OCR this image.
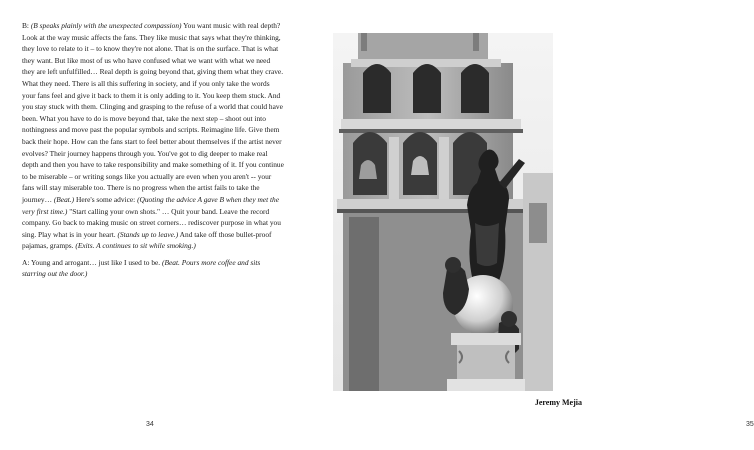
B: (B speaks plainly with the unexpected compassion) You want music with real depth? Look at the way music affects the fans. They like music that says what they're thinking, they love to relate to it – to know they're not alone. That is on the surface. That is what they want. But like most of us who have confused what we want with what we need they are left unfulfilled… Real depth is going beyond that, giving them what they crave. What they need. There is all this suffering in society, and if you only take the words your fans feel and give it back to them it is only adding to it. You keep them stuck. And you stay stuck with them. Clinging and grasping to the refuse of a world that could have been. What you have to do is move beyond that, take the next step – shoot out into nothingness and move past the popular symbols and scripts. Reimagine life. Give them back their hope. How can the fans start to feel better about themselves if the artist never evolves? Their journey happens through you. You've got to dig deeper to make real depth and then you have to take responsibility and make something of it. If you continue to be miserable – or writing songs like you actually are even when you aren't -- your fans will stay miserable too. There is no progress when the artist fails to take the journey… (Beat.) Here's some advice: (Quoting the advice A gave B when they met the very first time.) "Start calling your own shots." … Quit your band. Leave the record company. Go back to making music on street corners… rediscover purpose in what you sing. Play what is in your heart. (Stands up to leave.) And take off those bullet-proof pajamas, gramps. (Exits. A continues to sit while smoking.)

A: Young and arrogant… just like I used to be. (Beat. Pours more coffee and sits starring out the door.)

34
Jeremy Mejia
35
